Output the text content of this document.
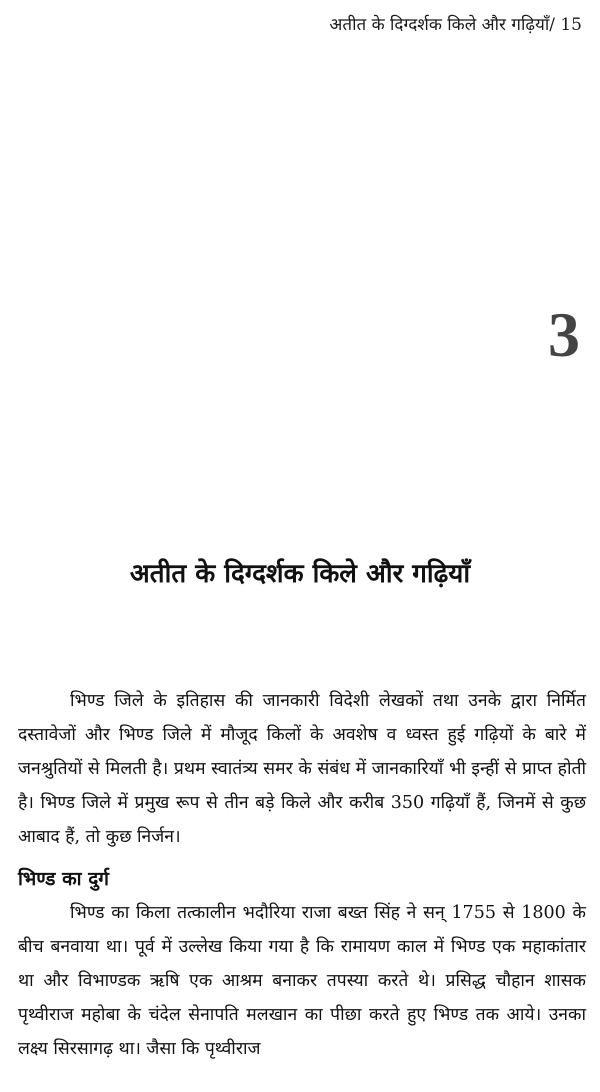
अतीत के दिग्दर्शक किले और गढ़ियाँ/ 15
3
अतीत के दिग्दर्शक किले और गढ़ियाँ

भिण्ड जिले के इतिहास की जानकारी विदेशी लेखकों तथा उनके द्वारा निर्मित दस्तावेजों और भिण्ड जिले में मौजूद किलों के अवशेष व ध्वस्त हुई गढ़ियों के बारे में जनश्रुतियों से मिलती है। प्रथम स्वातंत्र्य समर के संबंध में जानकारियाँ भी इन्हीं से प्राप्त होती है। भिण्ड जिले में प्रमुख रूप से तीन बड़े किले और करीब 350 गढ़ियाँ हैं, जिनमें से कुछ आबाद हैं, तो कुछ निर्जन।

भिण्ड का दुर्ग

भिण्ड का किला तत्कालीन भदौरिया राजा बख्त सिंह ने सन् 1755 से 1800 के बीच बनवाया था। पूर्व में उल्लेख किया गया है कि रामायण काल में भिण्ड एक महाकांतार था और विभाण्डक ऋषि एक आश्रम बनाकर तपस्या करते थे। प्रसिद्ध चौहान शासक पृथ्वीराज महोबा के चंदेल सेनापति मलखान का पीछा करते हुए भिण्ड तक आये। उनका लक्ष्य सिरसागढ़ था। जैसा कि पृथ्वीराज
